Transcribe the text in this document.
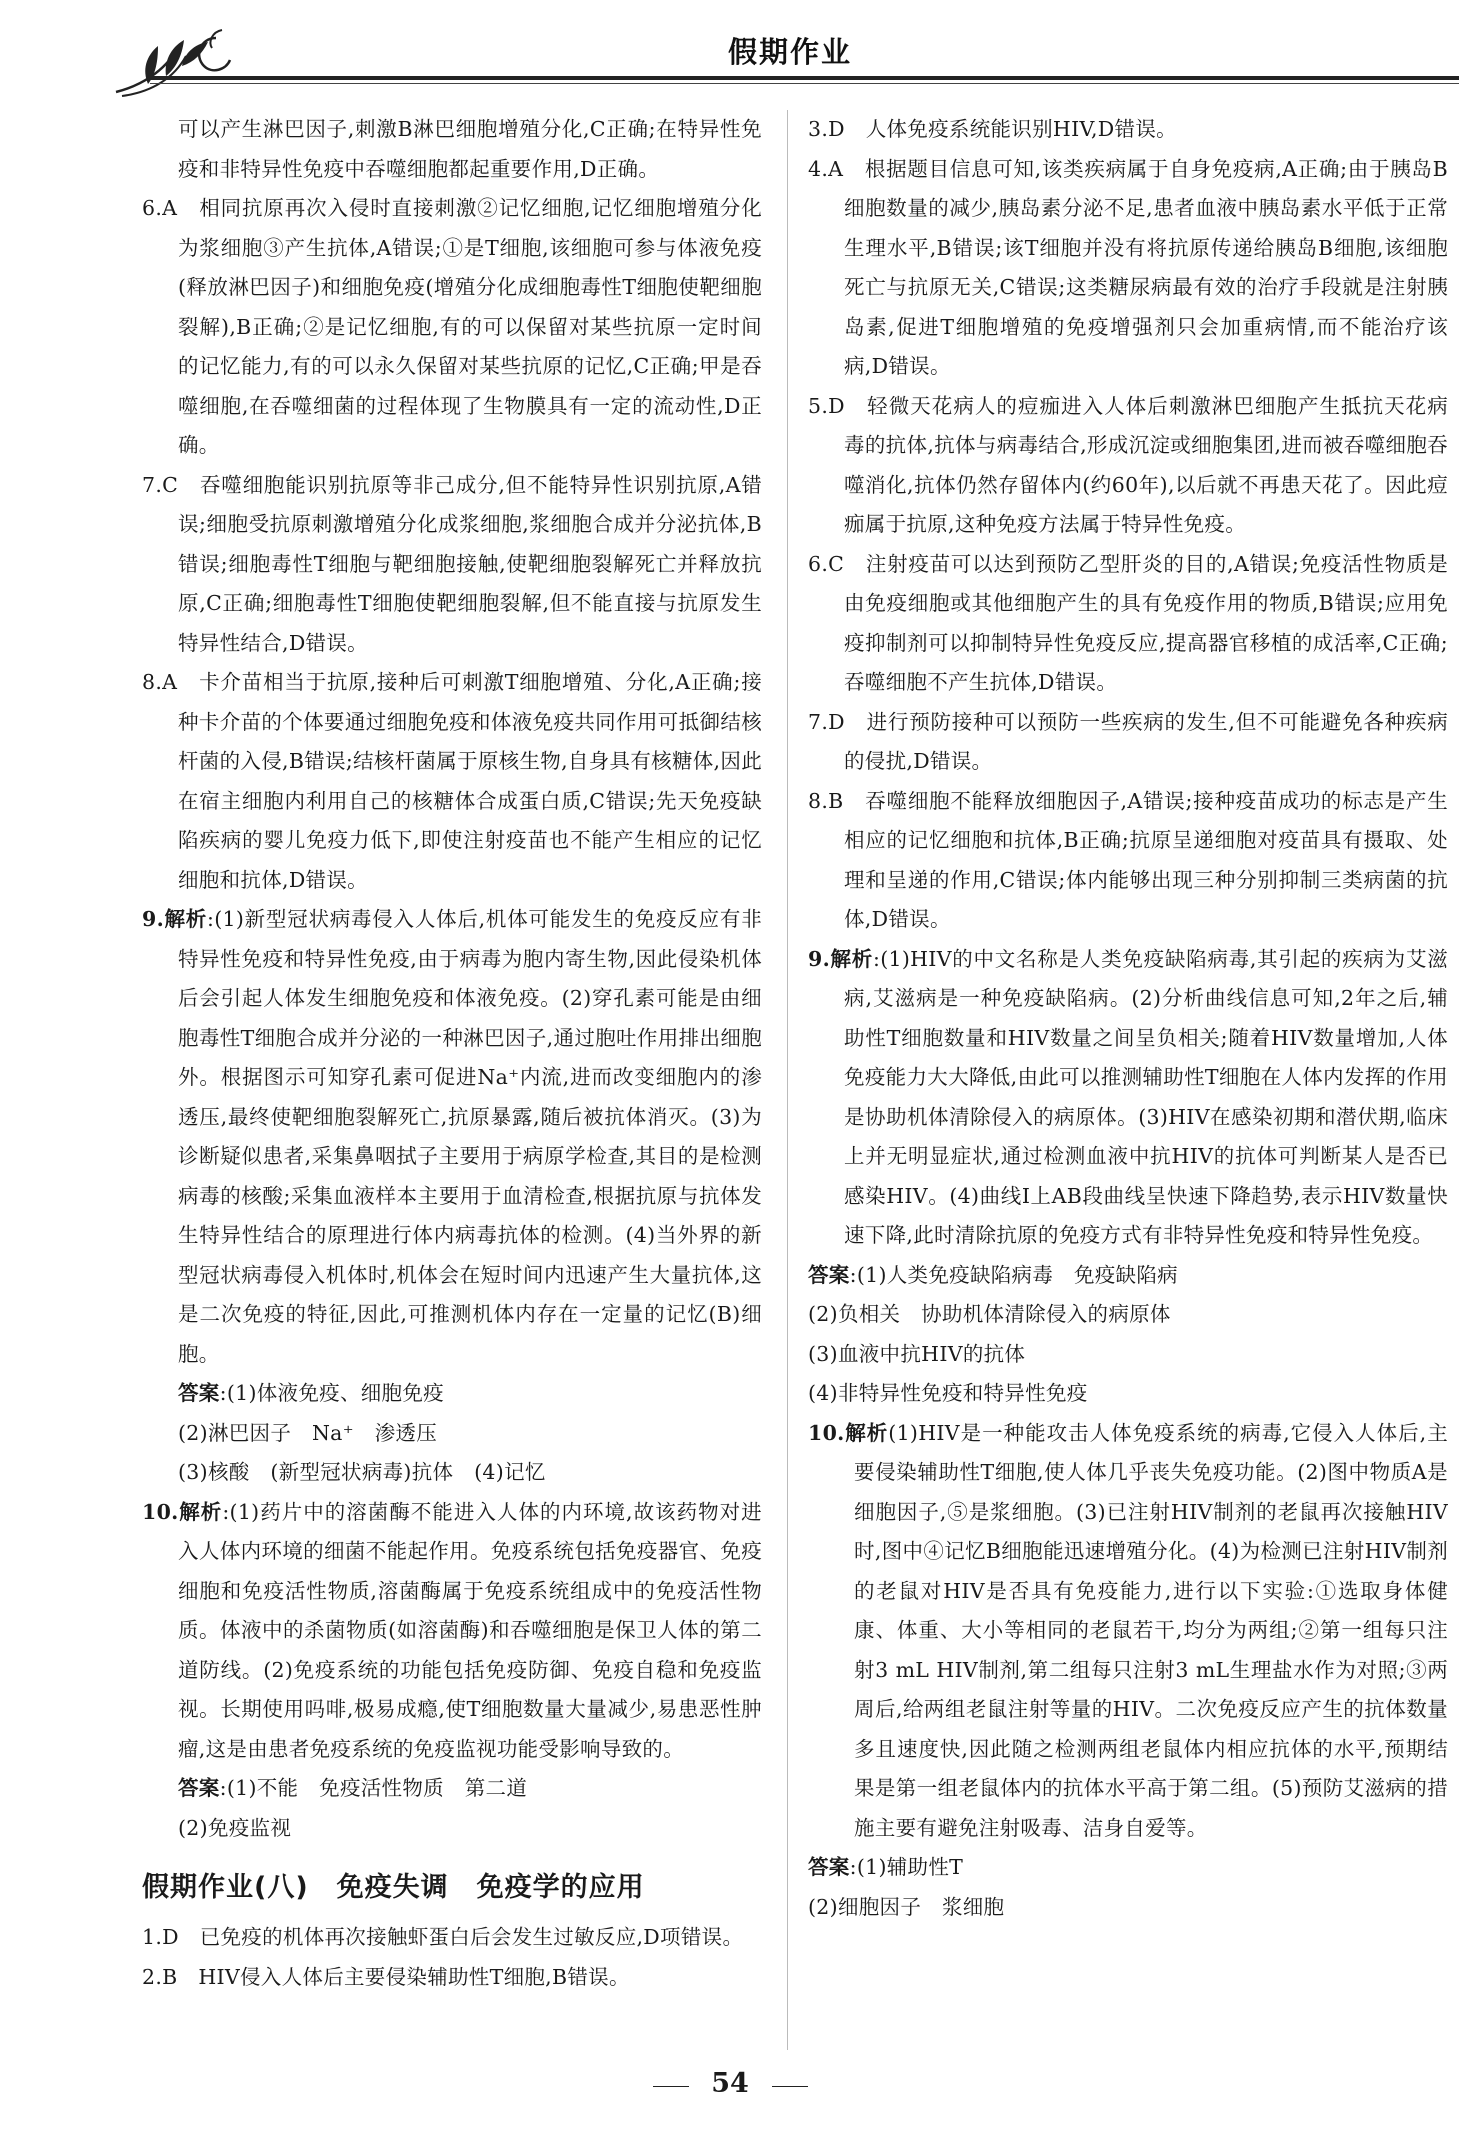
假期作业

可以产生淋巴因子,刺激B淋巴细胞增殖分化,C正确;在特异性免疫和非特异性免疫中吞噬细胞都起重要作用,D正确。

6.A　相同抗原再次入侵时直接刺激②记忆细胞,记忆细胞增殖分化为浆细胞③产生抗体,A错误;①是T细胞,该细胞可参与体液免疫(释放淋巴因子)和细胞免疫(增殖分化成细胞毒性T细胞使靶细胞裂解),B正确;②是记忆细胞,有的可以保留对某些抗原一定时间的记忆能力,有的可以永久保留对某些抗原的记忆,C正确;甲是吞噬细胞,在吞噬细菌的过程体现了生物膜具有一定的流动性,D正确。

7.C　吞噬细胞能识别抗原等非己成分,但不能特异性识别抗原,A错误;细胞受抗原刺激增殖分化成浆细胞,浆细胞合成并分泌抗体,B错误;细胞毒性T细胞与靶细胞接触,使靶细胞裂解死亡并释放抗原,C正确;细胞毒性T细胞使靶细胞裂解,但不能直接与抗原发生特异性结合,D错误。

8.A　卡介苗相当于抗原,接种后可刺激T细胞增殖、分化,A正确;接种卡介苗的个体要通过细胞免疫和体液免疫共同作用可抵御结核杆菌的入侵,B错误;结核杆菌属于原核生物,自身具有核糖体,因此在宿主细胞内利用自己的核糖体合成蛋白质,C错误;先天免疫缺陷疾病的婴儿免疫力低下,即使注射疫苗也不能产生相应的记忆细胞和抗体,D错误。

9.解析:(1)新型冠状病毒侵入人体后,机体可能发生的免疫反应有非特异性免疫和特异性免疫,由于病毒为胞内寄生物,因此侵染机体后会引起人体发生细胞免疫和体液免疫。(2)穿孔素可能是由细胞毒性T细胞合成并分泌的一种淋巴因子,通过胞吐作用排出细胞外。根据图示可知穿孔素可促进Na⁺内流,进而改变细胞内的渗透压,最终使靶细胞裂解死亡,抗原暴露,随后被抗体消灭。(3)为诊断疑似患者,采集鼻咽拭子主要用于病原学检查,其目的是检测病毒的核酸;采集血液样本主要用于血清检查,根据抗原与抗体发生特异性结合的原理进行体内病毒抗体的检测。(4)当外界的新型冠状病毒侵入机体时,机体会在短时间内迅速产生大量抗体,这是二次免疫的特征,因此,可推测机体内存在一定量的记忆(B)细胞。

答案:(1)体液免疫、细胞免疫

(2)淋巴因子　Na⁺　渗透压

(3)核酸　(新型冠状病毒)抗体　(4)记忆

10.解析:(1)药片中的溶菌酶不能进入人体的内环境,故该药物对进入人体内环境的细菌不能起作用。免疫系统包括免疫器官、免疫细胞和免疫活性物质,溶菌酶属于免疫系统组成中的免疫活性物质。体液中的杀菌物质(如溶菌酶)和吞噬细胞是保卫人体的第二道防线。(2)免疫系统的功能包括免疫防御、免疫自稳和免疫监视。长期使用吗啡,极易成瘾,使T细胞数量大量减少,易患恶性肿瘤,这是由患者免疫系统的免疫监视功能受影响导致的。

答案:(1)不能　免疫活性物质　第二道

(2)免疫监视

假期作业(八)　免疫失调　免疫学的应用

1.D　已免疫的机体再次接触虾蛋白后会发生过敏反应,D项错误。

2.B　HIV侵入人体后主要侵染辅助性T细胞,B错误。

3.D　人体免疫系统能识别HIV,D错误。

4.A　根据题目信息可知,该类疾病属于自身免疫病,A正确;由于胰岛B细胞数量的减少,胰岛素分泌不足,患者血液中胰岛素水平低于正常生理水平,B错误;该T细胞并没有将抗原传递给胰岛B细胞,该细胞死亡与抗原无关,C错误;这类糖尿病最有效的治疗手段就是注射胰岛素,促进T细胞增殖的免疫增强剂只会加重病情,而不能治疗该病,D错误。

5.D　轻微天花病人的痘痂进入人体后刺激淋巴细胞产生抵抗天花病毒的抗体,抗体与病毒结合,形成沉淀或细胞集团,进而被吞噬细胞吞噬消化,抗体仍然存留体内(约60年),以后就不再患天花了。因此痘痂属于抗原,这种免疫方法属于特异性免疫。

6.C　注射疫苗可以达到预防乙型肝炎的目的,A错误;免疫活性物质是由免疫细胞或其他细胞产生的具有免疫作用的物质,B错误;应用免疫抑制剂可以抑制特异性免疫反应,提高器官移植的成活率,C正确;吞噬细胞不产生抗体,D错误。

7.D　进行预防接种可以预防一些疾病的发生,但不可能避免各种疾病的侵扰,D错误。

8.B　吞噬细胞不能释放细胞因子,A错误;接种疫苗成功的标志是产生相应的记忆细胞和抗体,B正确;抗原呈递细胞对疫苗具有摄取、处理和呈递的作用,C错误;体内能够出现三种分别抑制三类病菌的抗体,D错误。

9.解析:(1)HIV的中文名称是人类免疫缺陷病毒,其引起的疾病为艾滋病,艾滋病是一种免疫缺陷病。(2)分析曲线信息可知,2年之后,辅助性T细胞数量和HIV数量之间呈负相关;随着HIV数量增加,人体免疫能力大大降低,由此可以推测辅助性T细胞在人体内发挥的作用是协助机体清除侵入的病原体。(3)HIV在感染初期和潜伏期,临床上并无明显症状,通过检测血液中抗HIV的抗体可判断某人是否已感染HIV。(4)曲线Ⅰ上AB段曲线呈快速下降趋势,表示HIV数量快速下降,此时清除抗原的免疫方式有非特异性免疫和特异性免疫。

答案:(1)人类免疫缺陷病毒　免疫缺陷病

(2)负相关　协助机体清除侵入的病原体

(3)血液中抗HIV的抗体

(4)非特异性免疫和特异性免疫

10.解析(1)HIV是一种能攻击人体免疫系统的病毒,它侵入人体后,主要侵染辅助性T细胞,使人体几乎丧失免疫功能。(2)图中物质A是细胞因子,⑤是浆细胞。(3)已注射HIV制剂的老鼠再次接触HIV时,图中④记忆B细胞能迅速增殖分化。(4)为检测已注射HIV制剂的老鼠对HIV是否具有免疫能力,进行以下实验:①选取身体健康、体重、大小等相同的老鼠若干,均分为两组;②第一组每只注射3 mL HIV制剂,第二组每只注射3 mL生理盐水作为对照;③两周后,给两组老鼠注射等量的HIV。二次免疫反应产生的抗体数量多且速度快,因此随之检测两组老鼠体内相应抗体的水平,预期结果是第一组老鼠体内的抗体水平高于第二组。(5)预防艾滋病的措施主要有避免注射吸毒、洁身自爱等。

答案:(1)辅助性T

(2)细胞因子　浆细胞

54
